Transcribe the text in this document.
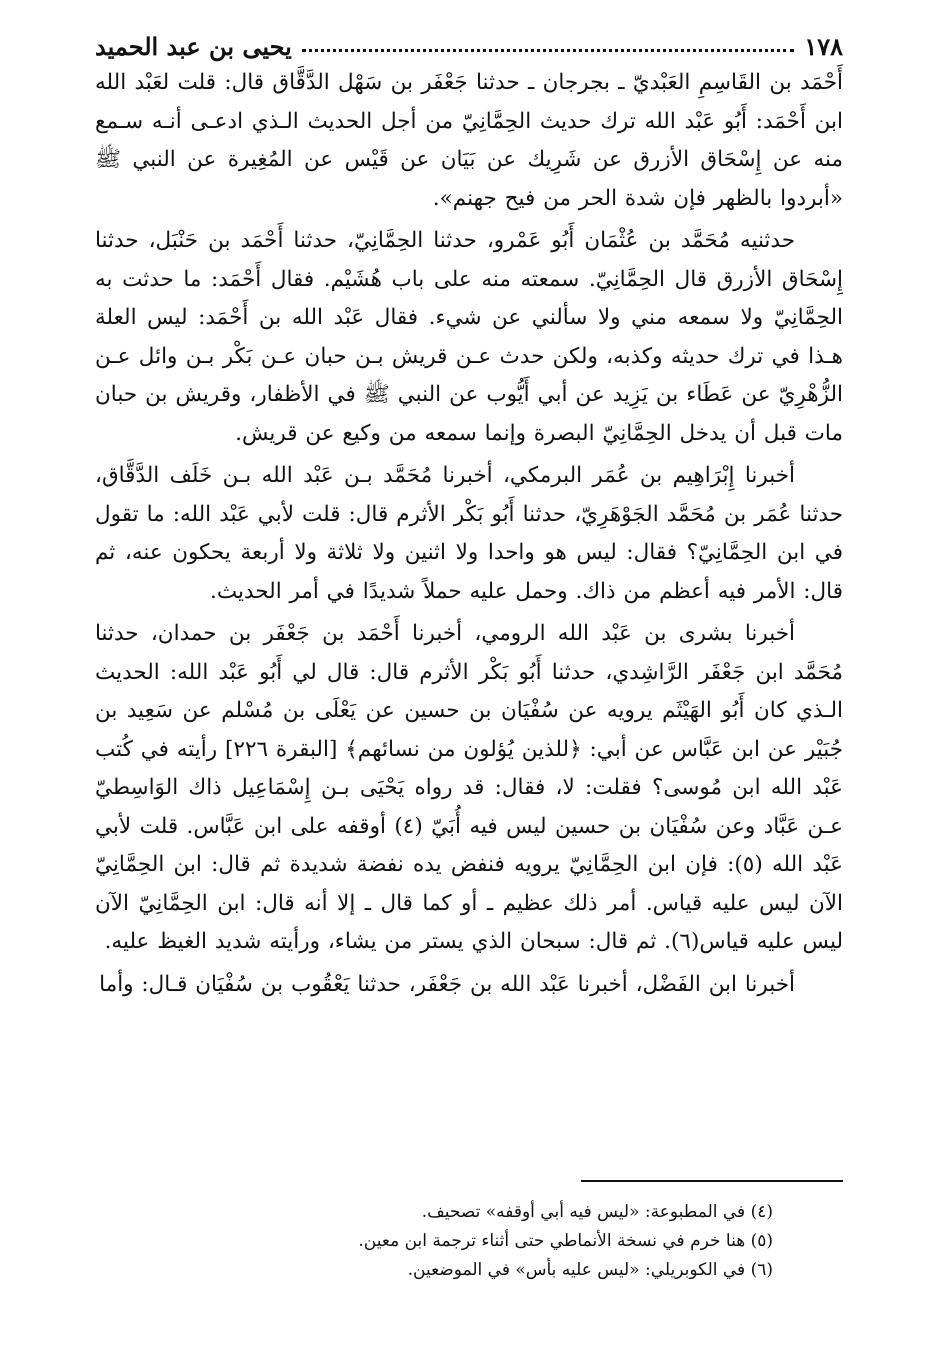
١٧٨
يحيى بن عبد الحميد

أَحْمَد بن القَاسِمِ العَبْديّ ـ بجرجان ـ حدثنا جَعْفَر بن سَهْل الدَّقَّاق قال: قلت لعَبْد الله ابن أَحْمَد: أَبُو عَبْد الله ترك حديث الحِمَّانِيّ من أجل الحديث الـذي ادعـى أنـه سـمع منه عن إِسْحَاق الأزرق عن شَرِيك عن بَيَان عن قَيْس عن المُغِيرة عن النبي ﷺ «أبردوا بالظهر فإن شدة الحر من فيح جهنم».

حدثنيه مُحَمَّد بن عُثْمَان أَبُو عَمْرو، حدثنا الحِمَّانِيّ، حدثنا أَحْمَد بن حَنْبَل، حدثنا إِسْحَاق الأزرق قال الحِمَّانِيّ. سمعته منه على باب هُشَيْم. فقال أَحْمَد: ما حدثت به الحِمَّانِيّ ولا سمعه مني ولا سألني عن شيء. فقال عَبْد الله بن أَحْمَد: ليس العلة هـذا في ترك حديثه وكذبه، ولكن حدث عـن قريش بـن حبان عـن بَكْر بـن وائل عـن الزُّهْرِيّ عن عَطَاء بن يَزِيد عن أبي أَيُّوب عن النبي ﷺ في الأظفار، وقريش بن حبان مات قبل أن يدخل الحِمَّانِيّ البصرة وإنما سمعه من وكيع عن قريش.

أخبرنا إِبْرَاهِيم بن عُمَر البرمكي، أخبرنا مُحَمَّد بـن عَبْد الله بـن خَلَف الدَّقَّاق، حدثنا عُمَر بن مُحَمَّد الجَوْهَرِيّ، حدثنا أَبُو بَكْر الأثرم قال: قلت لأبي عَبْد الله: ما تقول في ابن الحِمَّانِيّ؟ فقال: ليس هو واحدا ولا اثنين ولا ثلاثة ولا أربعة يحكون عنه، ثم قال: الأمر فيه أعظم من ذاك. وحمل عليه حملاً شديدًا في أمر الحديث.

أخبرنا بشرى بن عَبْد الله الرومي، أخبرنا أَحْمَد بن جَعْفَر بن حمدان، حدثنا مُحَمَّد ابن جَعْفَر الرَّاشِدي، حدثنا أَبُو بَكْر الأثرم قال: قال لي أَبُو عَبْد الله: الحديث الـذي كان أَبُو الهَيْثَم يرويه عن سُفْيَان بن حسين عن يَعْلَى بن مُسْلم عن سَعِيد بن جُبَيْر عن ابن عَبَّاس عن أبي: ﴿للذين يُؤلون من نسائهم﴾ [البقرة ٢٢٦] رأيته في كُتب عَبْد الله ابن مُوسى؟ فقلت: لا، فقال: قد رواه يَحْيَى بـن إِسْمَاعِيل ذاك الوَاسِطيّ عـن عَبَّاد وعن سُفْيَان بن حسين ليس فيه أُبَيّ (٤) أوقفه على ابن عَبَّاس. قلت لأبي عَبْد الله (٥): فإن ابن الحِمَّانِيّ يرويه فنفض يده نفضة شديدة ثم قال: ابن الحِمَّانِيّ الآن ليس عليه قياس. أمر ذلك عظيم ـ أو كما قال ـ إلا أنه قال: ابن الحِمَّانِيّ الآن ليس عليه قياس(٦). ثم قال: سبحان الذي يستر من يشاء، ورأيته شديد الغيظ عليه.

أخبرنا ابن الفَضْل، أخبرنا عَبْد الله بن جَعْفَر، حدثنا يَعْقُوب بن سُفْيَان قـال: وأما

(٤) في المطبوعة: «ليس فيه أبي أوقفه» تصحيف.
(٥) هنا خرم في نسخة الأنماطي حتى أثناء ترجمة ابن معين.
(٦) في الكوبريلي: «ليس عليه بأس» في الموضعين.
